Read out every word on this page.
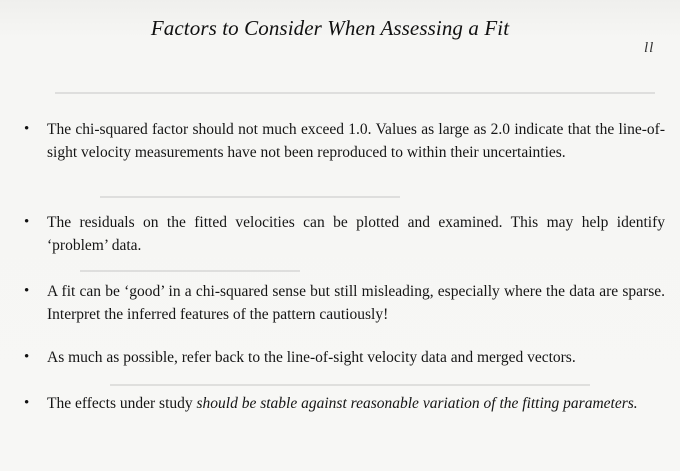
Factors to Consider When Assessing a Fit
ll
• The chi-squared factor should not much exceed 1.0. Values as large as 2.0 indicate that the line-of-sight velocity measurements have not been reproduced to within their uncertainties.
• The residuals on the fitted velocities can be plotted and examined. This may help identify ‘problem’ data.
• A fit can be ‘good’ in a chi-squared sense but still misleading, especially where the data are sparse. Interpret the inferred features of the pattern cautiously!
• As much as possible, refer back to the line-of-sight velocity data and merged vectors.
• The effects under study should be stable against reasonable variation of the fitting parameters.
